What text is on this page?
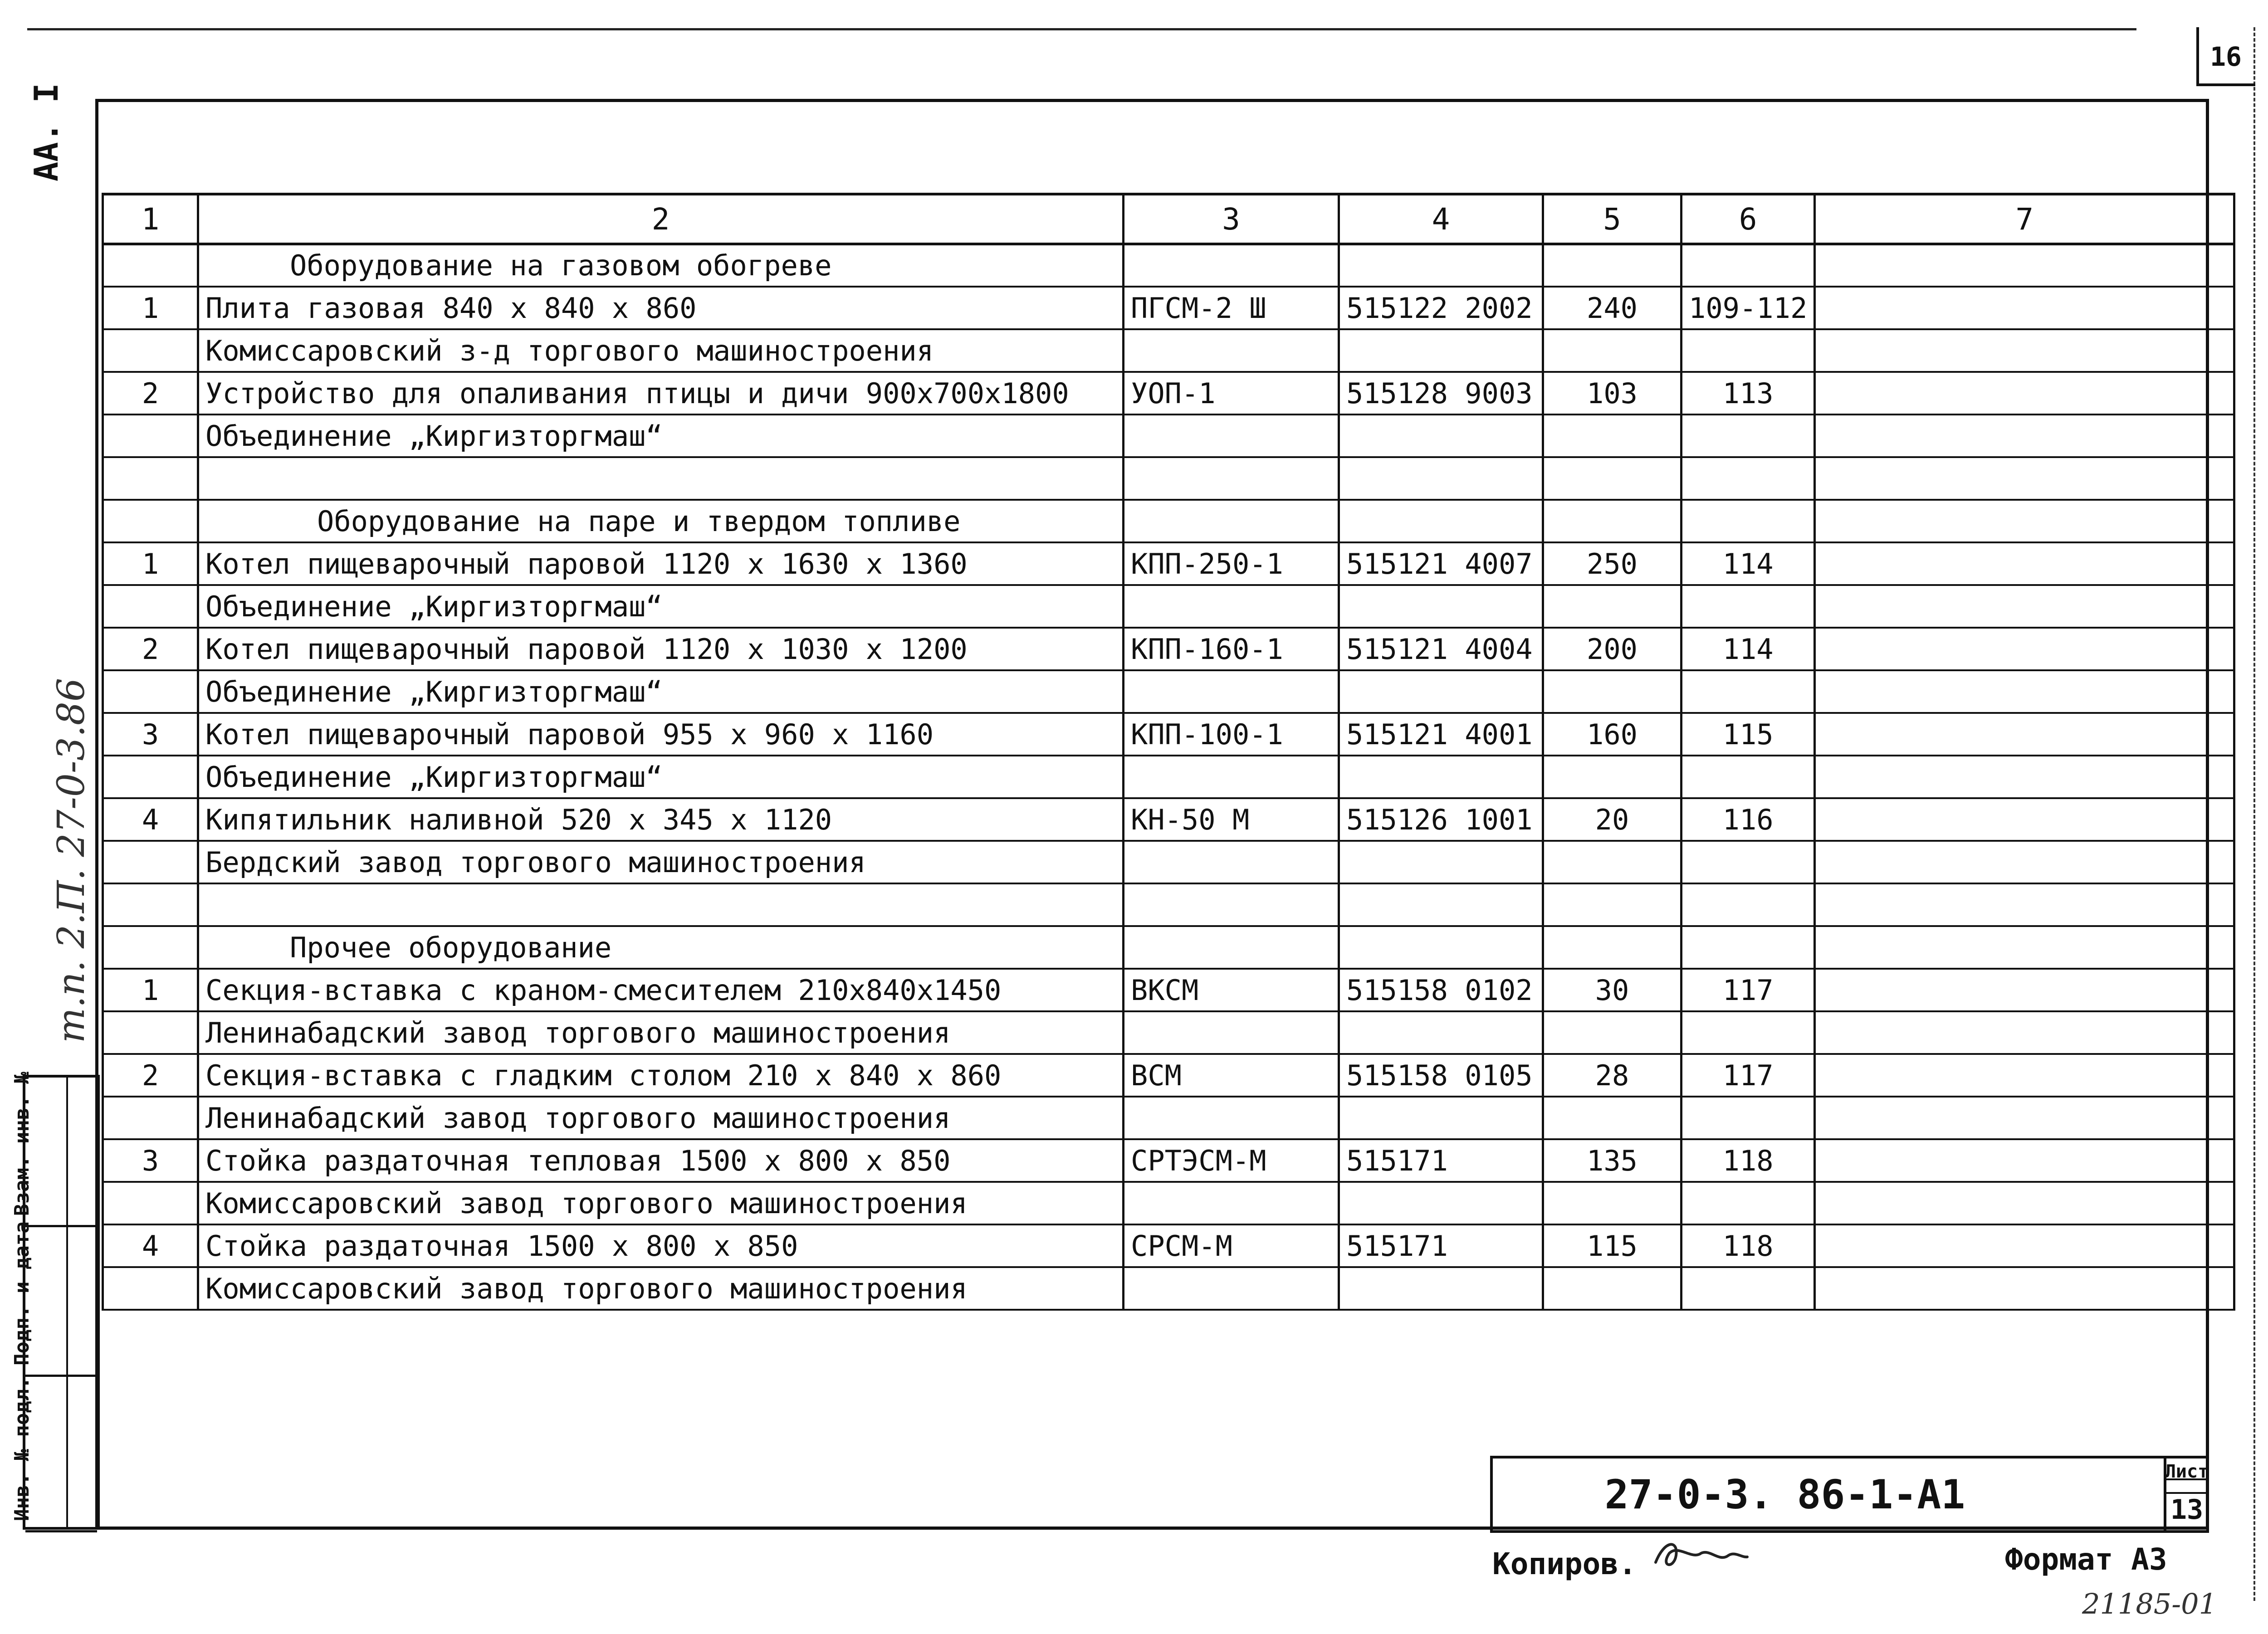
16
АА. I
т.п. 2.П. 27-0-3.86
Инв. № подл.
Подп. и дата
Взам. инв. №
1	2	3	4	5	6	7
	Оборудование на газовом обогреве					
1	Плита газовая 840 x 840 x 860	ПГСМ-2 Ш	515122 2002	240	109-112	
	Комиссаровский з-д торгового машиностроения					
2	Устройство для опаливания птицы и дичи 900x700x1800	УОП-1	515128 9003	103	113	
	Объединение „Киргизторгмаш“					

	Оборудование на паре и твердом топливе					
1	Котел пищеварочный паровой 1120 x 1630 x 1360	КПП-250-1	515121 4007	250	114	
	Объединение „Киргизторгмаш“					
2	Котел пищеварочный паровой 1120 x 1030 x 1200	КПП-160-1	515121 4004	200	114	
	Объединение „Киргизторгмаш“					
3	Котел пищеварочный паровой 955 x 960 x 1160	КПП-100-1	515121 4001	160	115	
	Объединение „Киргизторгмаш“					
4	Кипятильник наливной 520 x 345 x 1120	КН-50 М	515126 1001	20	116	
	Бердский завод торгового машиностроения					

	Прочее оборудование					
1	Секция-вставка с краном-смесителем 210x840x1450	ВКСМ	515158 0102	30	117	
	Ленинабадский завод торгового машиностроения					
2	Секция-вставка с гладким столом 210 x 840 x 860	ВСМ	515158 0105	28	117	
	Ленинабадский завод торгового машиностроения					
3	Стойка раздаточная тепловая 1500 x 800 x 850	СРТЭСМ-М	515171	135	118	
	Комиссаровский завод торгового машиностроения					
4	Стойка раздаточная 1500 x 800 x 850	СРСМ-М	515171	115	118	
	Комиссаровский завод торгового машиностроения					
27-0-3. 86-1-А1	Лист
13
Копиров.	Формат А3
21185-01
